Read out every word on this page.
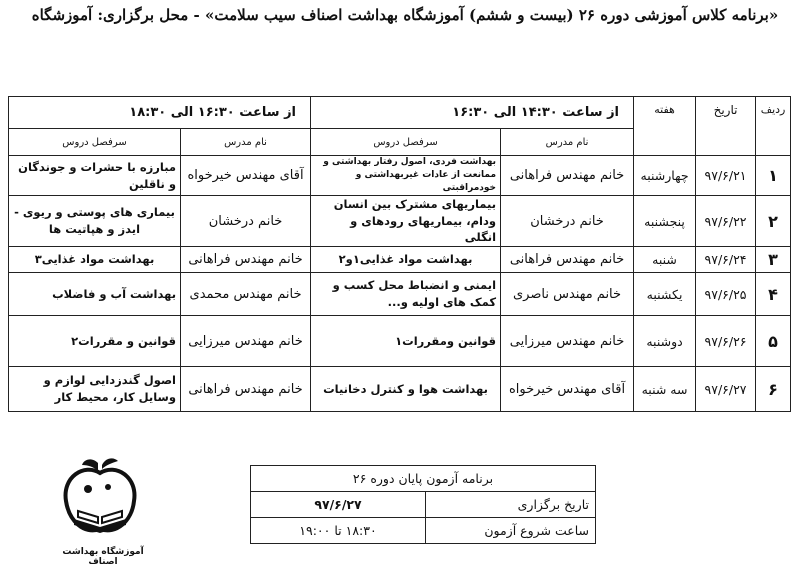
«برنامه کلاس آموزشی دوره ۲۶ (بیست و ششم) آموزشگاه بهداشت اصناف سیب سلامت» - محل برگزاری: آموزشگاه
ردیف	تاریخ	هفته	از ساعت ۱۴:۳۰ الی ۱۶:۳۰		از ساعت ۱۶:۳۰ الی ۱۸:۳۰	
			نام مدرس	سرفصل دروس	نام مدرس	سرفصل دروس
۱	۹۷/۶/۲۱	چهارشنبه	خانم مهندس فراهانی	بهداشت فردی، اصول رفتار بهداشتی و ممانعت از عادات غیربهداشتی و خودمراقبتی	آقای مهندس خیرخواه	مبارزه با حشرات و جوندگان و ناقلین
۲	۹۷/۶/۲۲	پنجشنبه	خانم درخشان	بیماریهای مشترک بین انسان ودام، بیماریهای رودهای و انگلی	خانم درخشان	بیماری های پوستی و ریوی - ایدز و هپاتیت ها
۳	۹۷/۶/۲۴	شنبه	خانم مهندس فراهانی	بهداشت مواد غذایی۱و۲	خانم مهندس فراهانی	بهداشت مواد غذایی۳
۴	۹۷/۶/۲۵	یکشنبه	خانم مهندس ناصری	ایمنی و انضباط محل کسب و کمک های اولیه و...	خانم مهندس محمدی	بهداشت آب و فاضلاب
۵	۹۷/۶/۲۶	دوشنبه	خانم مهندس میرزایی	قوانین ومقررات۱	خانم مهندس میرزایی	قوانین و مقررات۲
۶	۹۷/۶/۲۷	سه شنبه	آقای مهندس خیرخواه	بهداشت هوا و کنترل دخانیات	خانم مهندس فراهانی	اصول گندزدایی لوازم و وسایل کار، محیط کار
برنامه آزمون پایان دوره ۲۶	
تاریخ برگزاری	۹۷/۶/۲۷
ساعت شروع آزمون	۱۸:۳۰ تا ۱۹:۰۰
آموزشگاه بهداشت اصناف
